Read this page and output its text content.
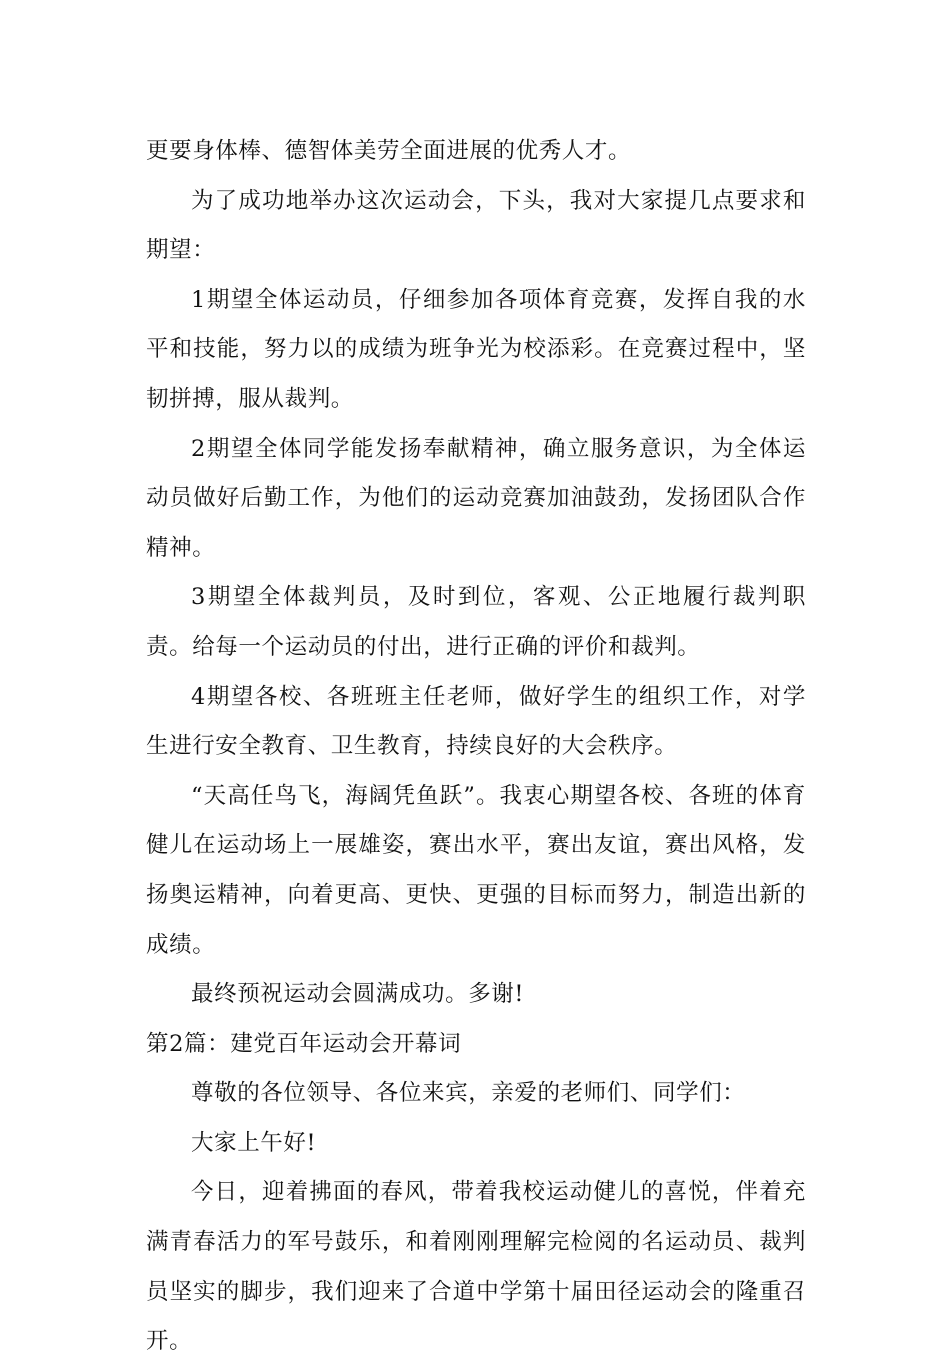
更要身体棒、德智体美劳全面进展的优秀人才。

为了成功地举办这次运动会，下头，我对大家提几点要求和期望：

1期望全体运动员，仔细参加各项体育竞赛，发挥自我的水平和技能，努力以的成绩为班争光为校添彩。在竞赛过程中，坚韧拼搏，服从裁判。

2期望全体同学能发扬奉献精神，确立服务意识，为全体运动员做好后勤工作，为他们的运动竞赛加油鼓劲，发扬团队合作精神。

3期望全体裁判员，及时到位，客观、公正地履行裁判职责。给每一个运动员的付出，进行正确的评价和裁判。

4期望各校、各班班主任老师，做好学生的组织工作，对学生进行安全教育、卫生教育，持续良好的大会秩序。

“天高任鸟飞，海阔凭鱼跃”。我衷心期望各校、各班的体育健儿在运动场上一展雄姿，赛出水平，赛出友谊，赛出风格，发扬奥运精神，向着更高、更快、更强的目标而努力，制造出新的成绩。

最终预祝运动会圆满成功。多谢!

第2篇：建党百年运动会开幕词

尊敬的各位领导、各位来宾，亲爱的老师们、同学们：

大家上午好!

今日，迎着拂面的春风，带着我校运动健儿的喜悦，伴着充满青春活力的军号鼓乐，和着刚刚理解完检阅的名运动员、裁判员坚实的脚步，我们迎来了合道中学第十届田径运动会的隆重召开。
